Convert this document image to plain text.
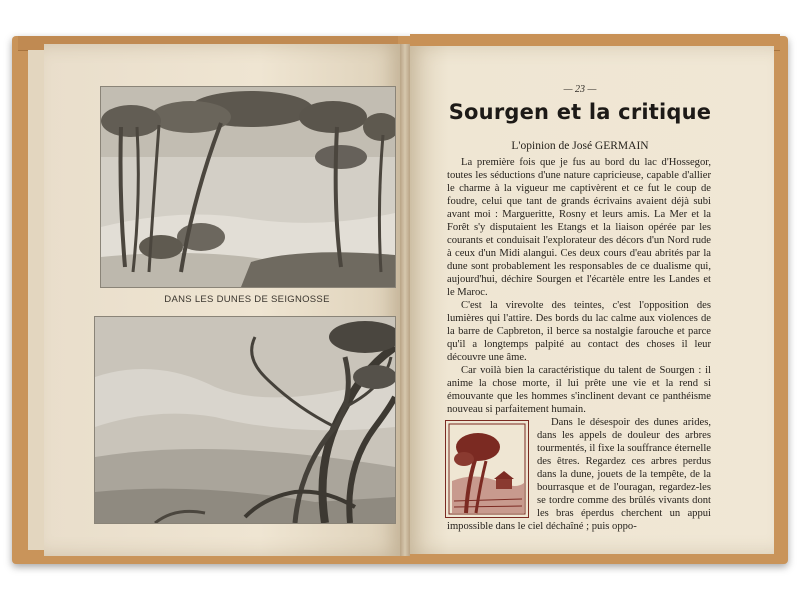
DANS LES DUNES DE SEIGNOSSE
— 23 —
Sourgen et la critique
L'opinion de José GERMAIN

La première fois que je fus au bord du lac d'Hossegor, toutes les séductions d'une nature capricieuse, capable d'allier le charme à la vigueur me captivèrent et ce fut le coup de foudre, celui que tant de grands écrivains avaient déjà subi avant moi : Margueritte, Rosny et leurs amis. La Mer et la Forêt s'y disputaient les Etangs et la liaison opérée par les courants et conduisait l'explorateur des décors d'un Nord rude à ceux d'un Midi alangui. Ces deux cours d'eau abrités par la dune sont probablement les responsables de ce dualisme qui, aujourd'hui, déchire Sourgen et l'écartèle entre les Landes et le Maroc.

C'est la virevolte des teintes, c'est l'opposition des lumières qui l'attire. Des bords du lac calme aux violences de la barre de Capbreton, il berce sa nostalgie farouche et parce qu'il a longtemps palpité au contact des choses il leur découvre une âme.

Car voilà bien la caractéristique du talent de Sourgen : il anime la chose morte, il lui prête une vie et la rend si émouvante que les hommes s'inclinent devant ce panthéisme nouveau si parfaitement humain.

Dans le désespoir des dunes arides, dans les appels de douleur des arbres tourmentés, il fixe la souffrance éternelle des êtres. Regardez ces arbres perdus dans la dune, jouets de la tempête, de la bourrasque et de l'ouragan, regardez-les se tordre comme des brûlés vivants dont les bras éperdus cherchent un appui impossible dans le ciel déchaîné ; puis oppo-
